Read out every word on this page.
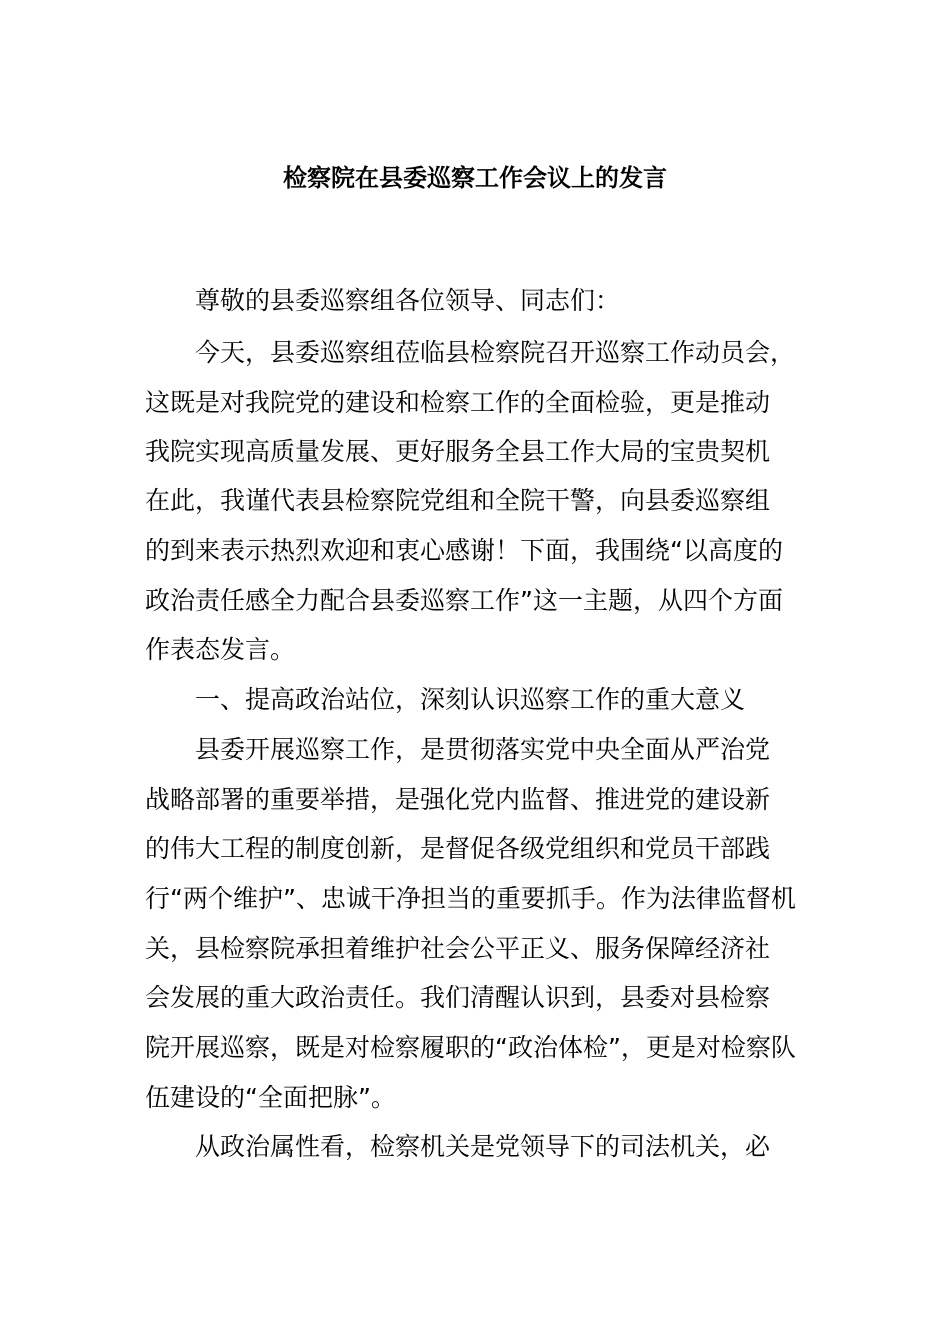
检察院在县委巡察工作会议上的发言

尊敬的县委巡察组各位领导、同志们：

今天，县委巡察组莅临县检察院召开巡察工作动员会，

这既是对我院党的建设和检察工作的全面检验，更是推动

我院实现高质量发展、更好服务全县工作大局的宝贵契机

在此，我谨代表县检察院党组和全院干警，向县委巡察组

的到来表示热烈欢迎和衷心感谢！下面，我围绕“以高度的

政治责任感全力配合县委巡察工作”这一主题，从四个方面

作表态发言。

一、提高政治站位，深刻认识巡察工作的重大意义

县委开展巡察工作，是贯彻落实党中央全面从严治党

战略部署的重要举措，是强化党内监督、推进党的建设新

的伟大工程的制度创新，是督促各级党组织和党员干部践

行“两个维护”、忠诚干净担当的重要抓手。作为法律监督机

关，县检察院承担着维护社会公平正义、服务保障经济社

会发展的重大政治责任。我们清醒认识到，县委对县检察

院开展巡察，既是对检察履职的“政治体检”，更是对检察队

伍建设的“全面把脉”。

从政治属性看，检察机关是党领导下的司法机关，必
